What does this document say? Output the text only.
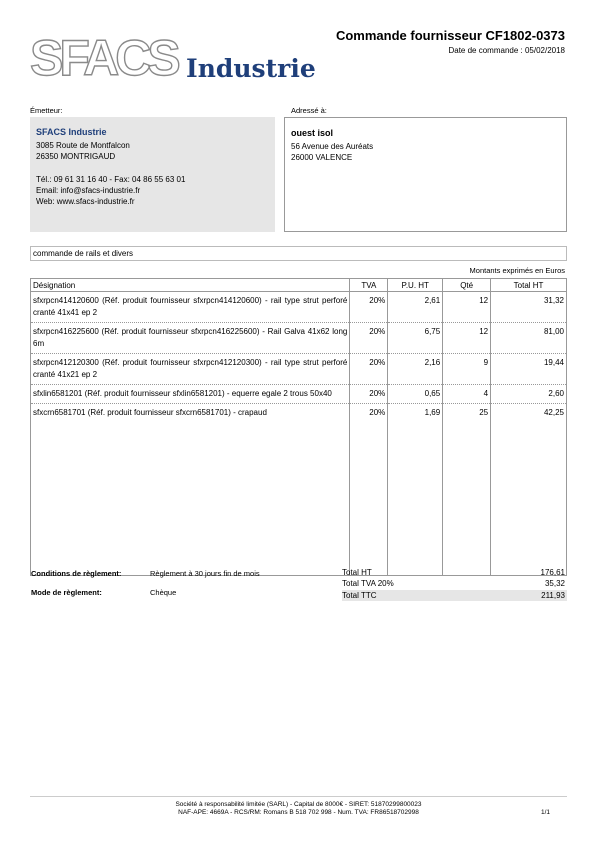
SFACS Industrie
Commande fournisseur CF1802-0373
Date de commande : 05/02/2018
Émetteur:
SFACS Industrie
3085 Route de Montfalcon
26350 MONTRIGAUD
Tél.: 09 61 31 16 40 - Fax: 04 86 55 63 01
Email: info@sfacs-industrie.fr
Web: www.sfacs-industrie.fr
Adressé à:
ouest isol
56 Avenue des Auréats
26000 VALENCE
commande de rails et divers
Montants exprimés en Euros
Désignation	TVA	P.U. HT	Qté	Total HT
sfxrpcn414120600 (Réf. produit fournisseur sfxrpcn414120600) - rail type strut perforé cranté 41x41 ep 2	20%	2,61	12	31,32
sfxrpcn416225600 (Réf. produit fournisseur sfxrpcn416225600) - Rail Galva 41x62 long 6m	20%	6,75	12	81,00
sfxrpcn412120300 (Réf. produit fournisseur sfxrpcn412120300) - rail type strut perforé cranté 41x21 ep 2	20%	2,16	9	19,44
sfxlin6581201 (Réf. produit fournisseur sfxlin6581201) - equerre egale 2 trous 50x40	20%	0,65	4	2,60
sfxcrn6581701 (Réf. produit fournisseur sfxcrn6581701) - crapaud	20%	1,69	25	42,25

Conditions de règlement:	Règlement à 30 jours fin de mois
Mode de règlement:	Chèque
Total HT	176,61
Total TVA 20%	35,32
Total TTC	211,93
Société à responsabilité limitée (SARL) - Capital de 8000€ - SIRET: 51870299800023
NAF-APE: 4669A - RCS/RM: Romans B 518 702 998 - Num. TVA: FR86518702998	1/1
